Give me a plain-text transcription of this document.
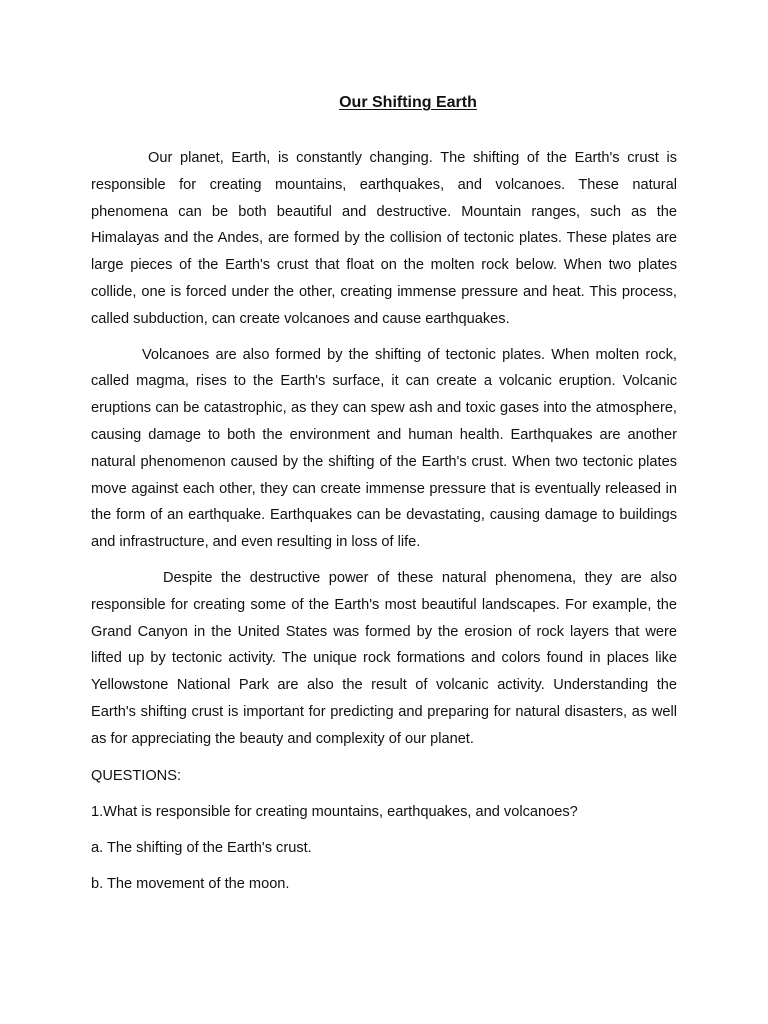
Our Shifting Earth

Our planet, Earth, is constantly changing. The shifting of the Earth's crust is responsible for creating mountains, earthquakes, and volcanoes. These natural phenomena can be both beautiful and destructive. Mountain ranges, such as the Himalayas and the Andes, are formed by the collision of tectonic plates. These plates are large pieces of the Earth's crust that float on the molten rock below. When two plates collide, one is forced under the other, creating immense pressure and heat. This process, called subduction, can create volcanoes and cause earthquakes.

Volcanoes are also formed by the shifting of tectonic plates. When molten rock, called magma, rises to the Earth's surface, it can create a volcanic eruption. Volcanic eruptions can be catastrophic, as they can spew ash and toxic gases into the atmosphere, causing damage to both the environment and human health. Earthquakes are another natural phenomenon caused by the shifting of the Earth's crust. When two tectonic plates move against each other, they can create immense pressure that is eventually released in the form of an earthquake. Earthquakes can be devastating, causing damage to buildings and infrastructure, and even resulting in loss of life.

Despite the destructive power of these natural phenomena, they are also responsible for creating some of the Earth's most beautiful landscapes. For example, the Grand Canyon in the United States was formed by the erosion of rock layers that were lifted up by tectonic activity. The unique rock formations and colors found in places like Yellowstone National Park are also the result of volcanic activity. Understanding the Earth's shifting crust is important for predicting and preparing for natural disasters, as well as for appreciating the beauty and complexity of our planet.

QUESTIONS:

1.What is responsible for creating mountains, earthquakes, and volcanoes?

a. The shifting of the Earth's crust.

b. The movement of the moon.
